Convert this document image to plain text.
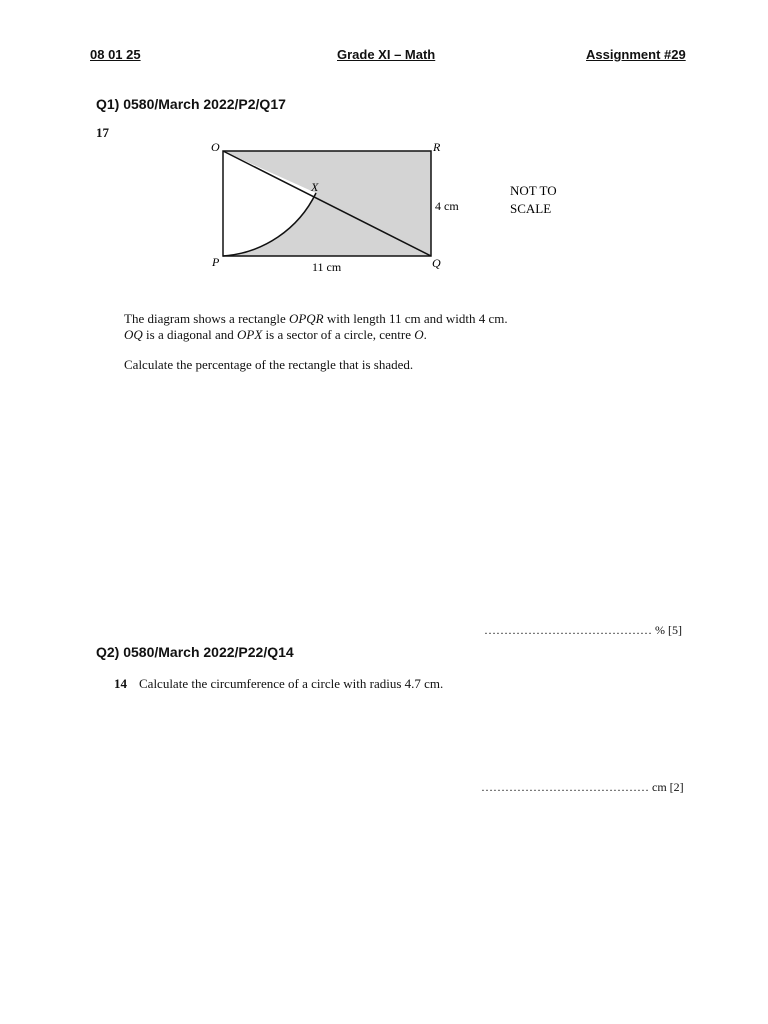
08 01 25	Grade XI – Math	Assignment #29
Q1) 0580/March 2022/P2/Q17
17
O	R
X
P	Q
4 cm
11 cm
NOT TO
SCALE
The diagram shows a rectangle OPQR with length 11 cm and width 4 cm.
OQ is a diagonal and OPX is a sector of a circle, centre O.
Calculate the percentage of the rectangle that is shaded.
…………………………………… % [5]
Q2) 0580/March 2022/P22/Q14
14 Calculate the circumference of a circle with radius 4.7 cm.
…………………………………… cm [2]
